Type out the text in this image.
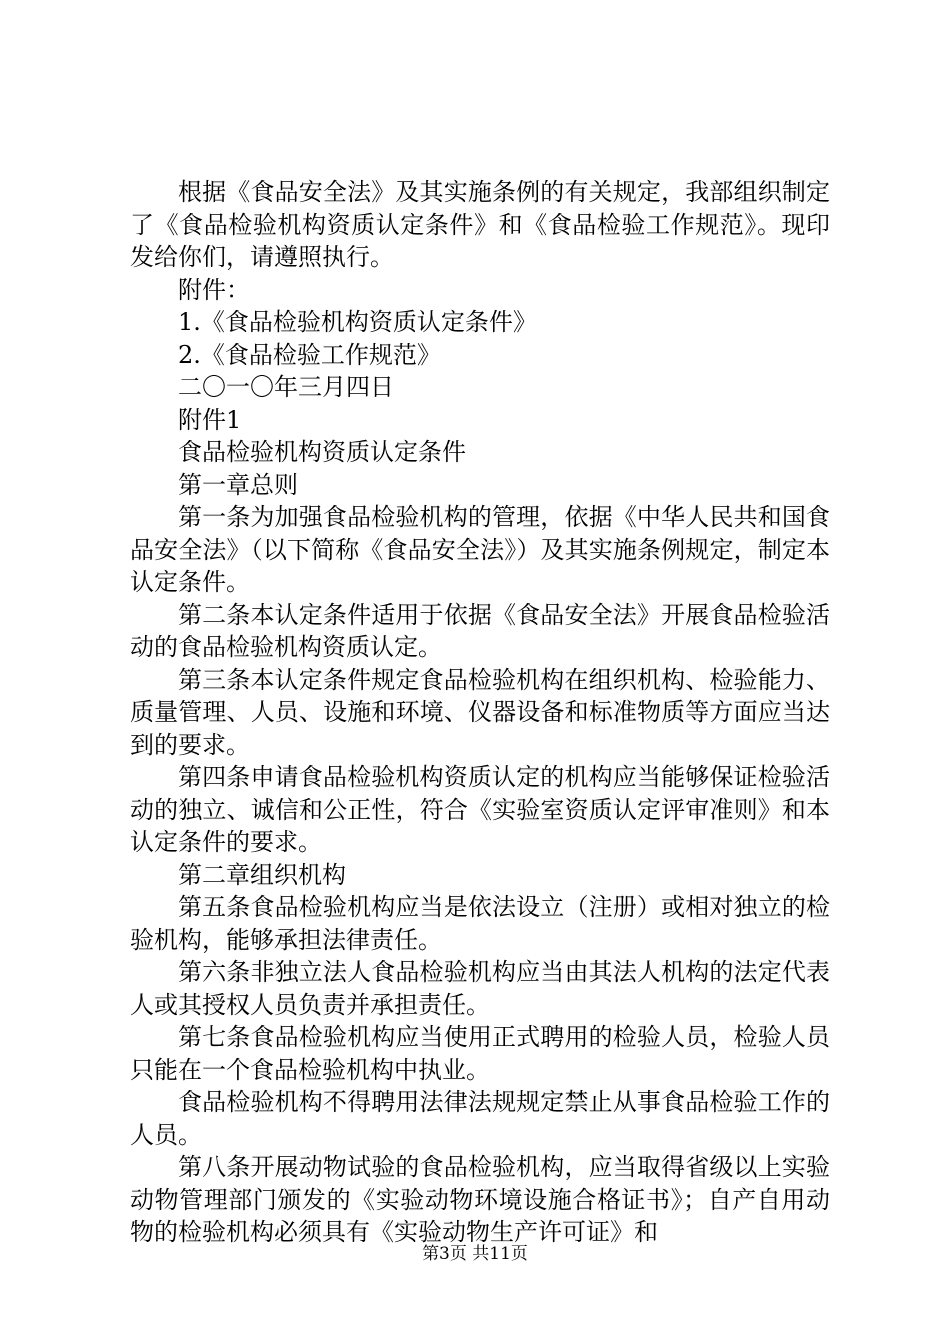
根据《食品安全法》及其实施条例的有关规定，我部组织制定了《食品检验机构资质认定条件》和《食品检验工作规范》。现印发给你们，请遵照执行。

附件：

1.《食品检验机构资质认定条件》

2.《食品检验工作规范》

二〇一〇年三月四日

附件1

食品检验机构资质认定条件

第一章总则

第一条为加强食品检验机构的管理，依据《中华人民共和国食品安全法》（以下简称《食品安全法》）及其实施条例规定，制定本认定条件。

第二条本认定条件适用于依据《食品安全法》开展食品检验活动的食品检验机构资质认定。

第三条本认定条件规定食品检验机构在组织机构、检验能力、质量管理、人员、设施和环境、仪器设备和标准物质等方面应当达到的要求。

第四条申请食品检验机构资质认定的机构应当能够保证检验活动的独立、诚信和公正性，符合《实验室资质认定评审准则》和本认定条件的要求。

第二章组织机构

第五条食品检验机构应当是依法设立（注册）或相对独立的检验机构，能够承担法律责任。

第六条非独立法人食品检验机构应当由其法人机构的法定代表人或其授权人员负责并承担责任。

第七条食品检验机构应当使用正式聘用的检验人员，检验人员只能在一个食品检验机构中执业。

食品检验机构不得聘用法律法规规定禁止从事食品检验工作的人员。

第八条开展动物试验的食品检验机构，应当取得省级以上实验动物管理部门颁发的《实验动物环境设施合格证书》；自产自用动物的检验机构必须具有《实验动物生产许可证》和

第3页 共11页
